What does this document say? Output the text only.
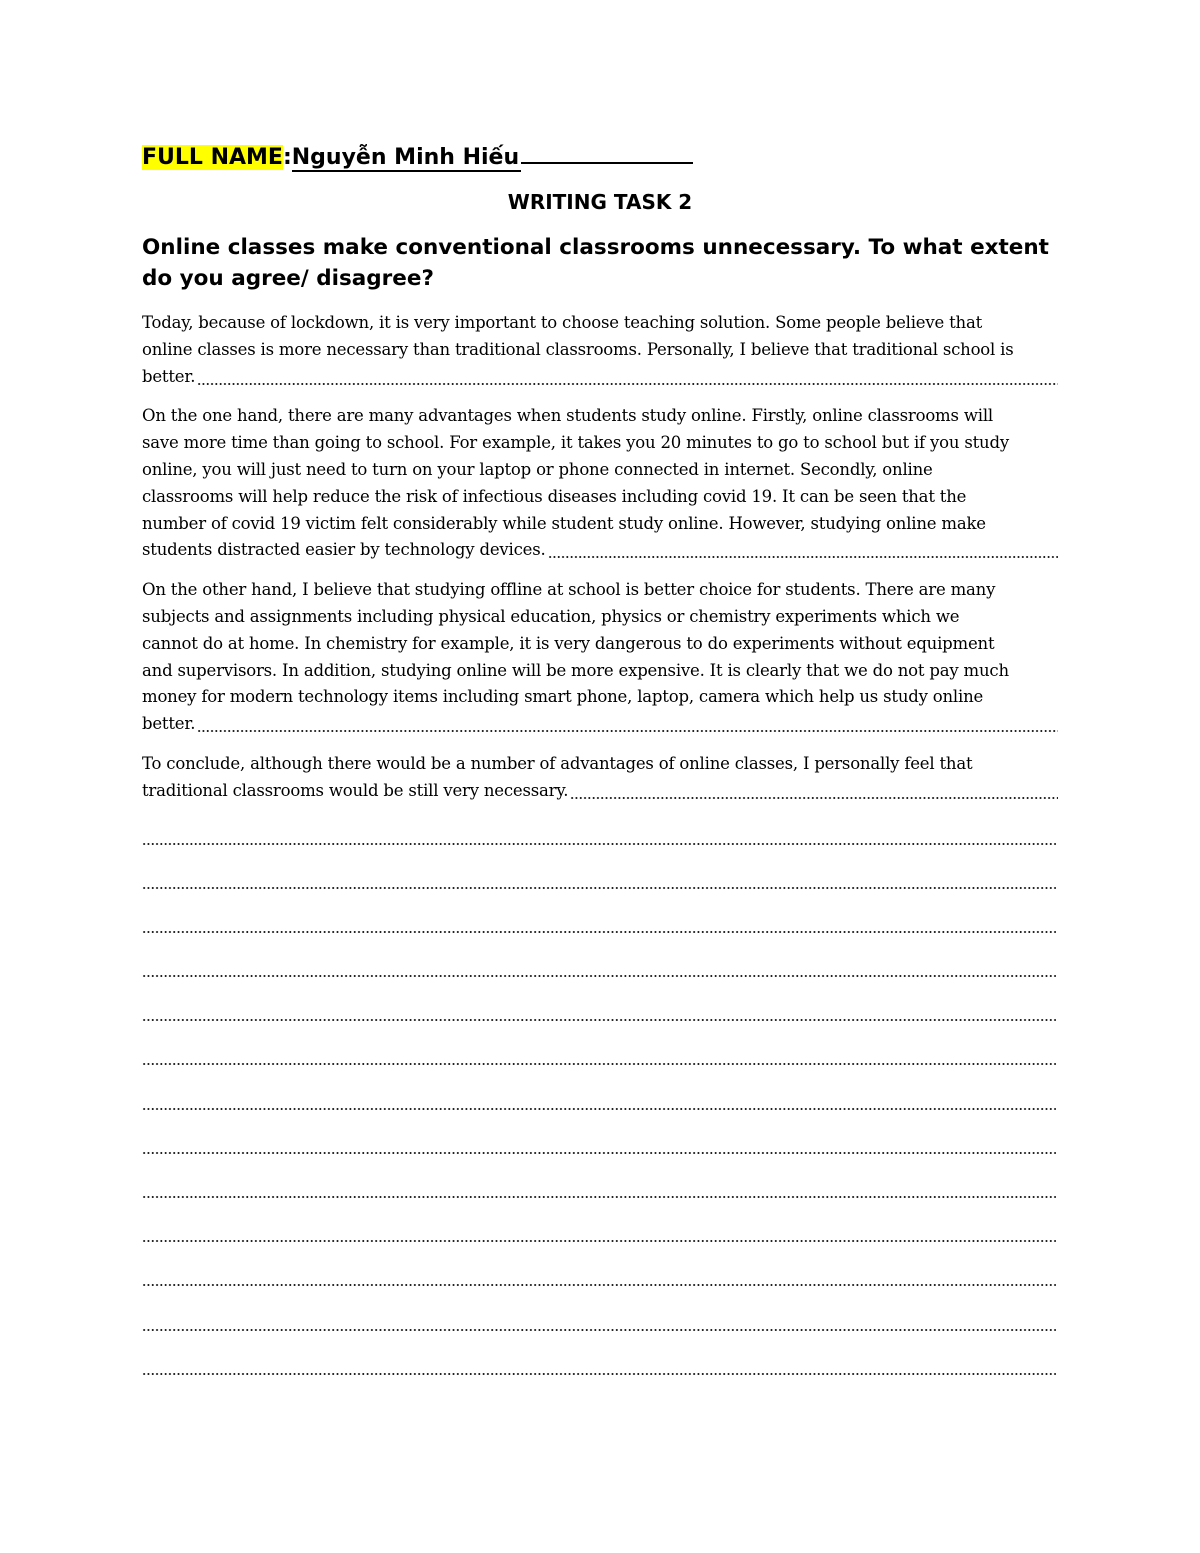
FULL NAME:Nguyễn Minh Hiếu
WRITING TASK 2
Online classes make conventional classrooms unnecessary. To what extent do you agree/ disagree?
Today, because of lockdown, it is very important to choose teaching solution. Some people believe that
online classes is more necessary than traditional classrooms. Personally, I believe that traditional school is
better.
On the one hand, there are many advantages when students study online. Firstly, online classrooms will
save more time than going to school. For example, it takes you 20 minutes to go to school but if you study
online, you will just need to turn on your laptop or phone connected in internet. Secondly, online
classrooms will help reduce the risk of infectious diseases including covid 19. It can be seen that the
number of covid 19 victim felt considerably while student study online. However, studying online make
students distracted easier by technology devices.
On the other hand, I believe that studying offline at school is better choice for students. There are many
subjects and assignments including physical education, physics or chemistry experiments which we
cannot do at home. In chemistry for example, it is very dangerous to do experiments without equipment
and supervisors. In addition, studying online will be more expensive. It is clearly that we do not pay much
money for modern technology items including smart phone, laptop, camera which help us study online
better.
To conclude, although there would be a number of advantages of online classes, I personally feel that
traditional classrooms would be still very necessary.
